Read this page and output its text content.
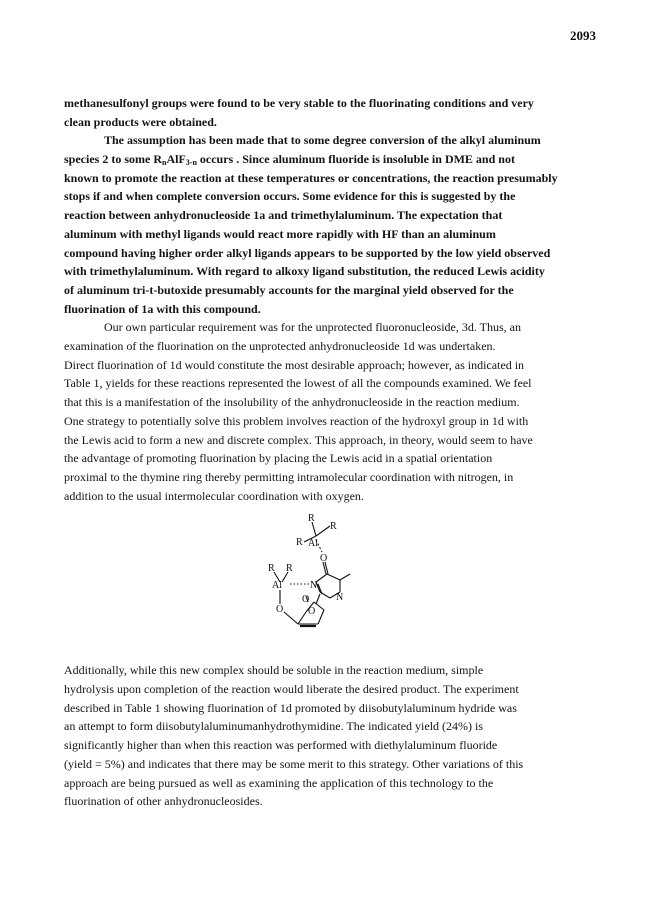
2093

methanesulfonyl groups were found to be very stable to the fluorinating conditions and very
clean products were obtained.

The assumption has been made that to some degree conversion of the alkyl aluminum
species 2 to some $R_nAlF_{3-n}$ occurs . Since aluminum fluoride is insoluble in DME and not
known to promote the reaction at these temperatures or concentrations, the reaction presumably
stops if and when complete conversion occurs. Some evidence for this is suggested by the
reaction between anhydronucleoside 1a and trimethylaluminum. The expectation that
aluminum with methyl ligands would react more rapidly with HF than an aluminum
compound having higher order alkyl ligands appears to be supported by the low yield observed
with trimethylaluminum. With regard to alkoxy ligand substitution, the reduced Lewis acidity
of aluminum tri-t-butoxide presumably accounts for the marginal yield observed for the
fluorination of 1a with this compound.

Our own particular requirement was for the unprotected fluoronucleoside, 3d. Thus, an
examination of the fluorination on the unprotected anhydronucleoside 1d was undertaken.
Direct fluorination of 1d would constitute the most desirable approach; however, as indicated in
Table 1, yields for these reactions represented the lowest of all the compounds examined. We feel
that this is a manifestation of the insolubility of the anhydronucleoside in the reaction medium.
One strategy to potentially solve this problem involves reaction of the hydroxyl group in 1d with
the Lewis acid to form a new and discrete complex. This approach, in theory, would seem to have
the advantage of promoting fluorination by placing the Lewis acid in a spatial orientation
proximal to the thymine ring thereby permitting intramolecular coordination with nitrogen, in
addition to the usual intermolecular coordination with oxygen.

R
R
R Al
O
R R
Al	N
O
O
O
N

Additionally, while this new complex should be soluble in the reaction medium, simple
hydrolysis upon completion of the reaction would liberate the desired product. The experiment
described in Table 1 showing fluorination of 1d promoted by diisobutylaluminum hydride was
an attempt to form diisobutylaluminumanhydrothymidine. The indicated yield (24%) is
significantly higher than when this reaction was performed with diethylaluminum fluoride
(yield = 5%) and indicates that there may be some merit to this strategy. Other variations of this
approach are being pursued as well as examining the application of this technology to the
fluorination of other anhydronucleosides.
